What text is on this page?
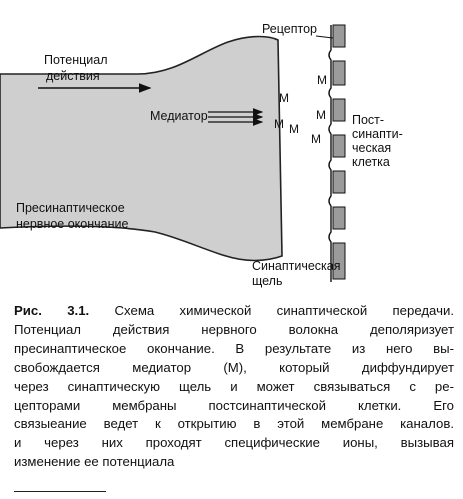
Потенциал действия
Медиатор
М
М
М М
М
М
Пресинаптическое нервное окончание
Рецептор
Пост- синапти- ческая клетка
Синаптическая щель
Рис. 3.1. Схема химической синаптической передачи.
Потенциал действия нервного волокна деполяризует
пресинаптическое окончание. В результате из него вы-
свобождается медиатор (М), который диффундирует
через синаптическую щель и может связываться с ре-
цепторами мембраны постсинаптической клетки. Его
связыеание ведет к открытию в этой мембране каналов.
и через них проходят специфические ионы, вызывая
изменение ее потенциала
